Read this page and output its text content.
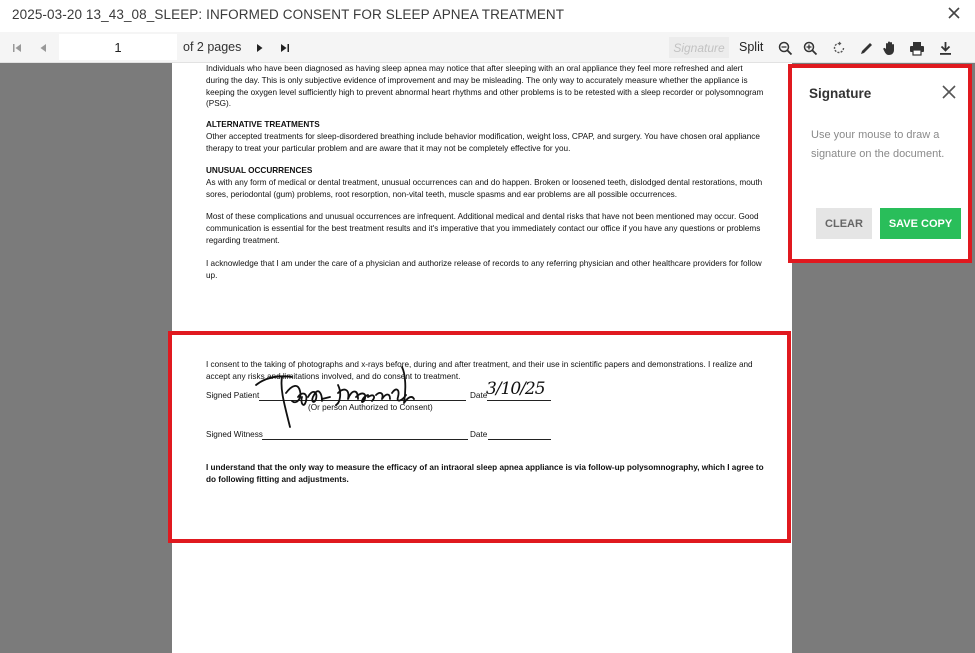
2025-03-20 13_43_08_SLEEP: INFORMED CONSENT FOR SLEEP APNEA TREATMENT
1
of 2 pages	Signature	Split
Individuals who have been diagnosed as having sleep apnea may notice that after sleeping with an oral appliance they feel more refreshed and alert during the day. This is only subjective evidence of improvement and may be misleading. The only way to accurately measure whether the appliance is keeping the oxygen level sufficiently high to prevent abnormal heart rhythms and other problems is to be retested with a sleep recorder or polysomnogram (PSG).
ALTERNATIVE TREATMENTS
Other accepted treatments for sleep-disordered breathing include behavior modification, weight loss, CPAP, and surgery. You have chosen oral appliance therapy to treat your particular problem and are aware that it may not be completely effective for you.
UNUSUAL OCCURRENCES
As with any form of medical or dental treatment, unusual occurrences can and do happen. Broken or loosened teeth, dislodged dental restorations, mouth sores, periodontal (gum) problems, root resorption, non-vital teeth, muscle spasms and ear problems are all possible occurrences.
Most of these complications and unusual occurrences are infrequent. Additional medical and dental risks that have not been mentioned may occur. Good communication is essential for the best treatment results and it's imperative that you immediately contact our office if you have any questions or problems regarding treatment.
I acknowledge that I am under the care of a physician and authorize release of records to any referring physician and other healthcare providers for follow up.
I consent to the taking of photographs and x-rays before, during and after treatment, and their use in scientific papers and demonstrations. I realize and accept any risks and limitations involved, and do consent to treatment.
Signed Patient	Date
(Or person Authorized to Consent)
Signed Witness	Date
I understand that the only way to measure the efficacy of an intraoral sleep apnea appliance is via follow-up polysomnography, which I agree to do following fitting and adjustments.
3/10/25
Signature
Use your mouse to draw a signature on the document.
CLEAR	SAVE COPY
